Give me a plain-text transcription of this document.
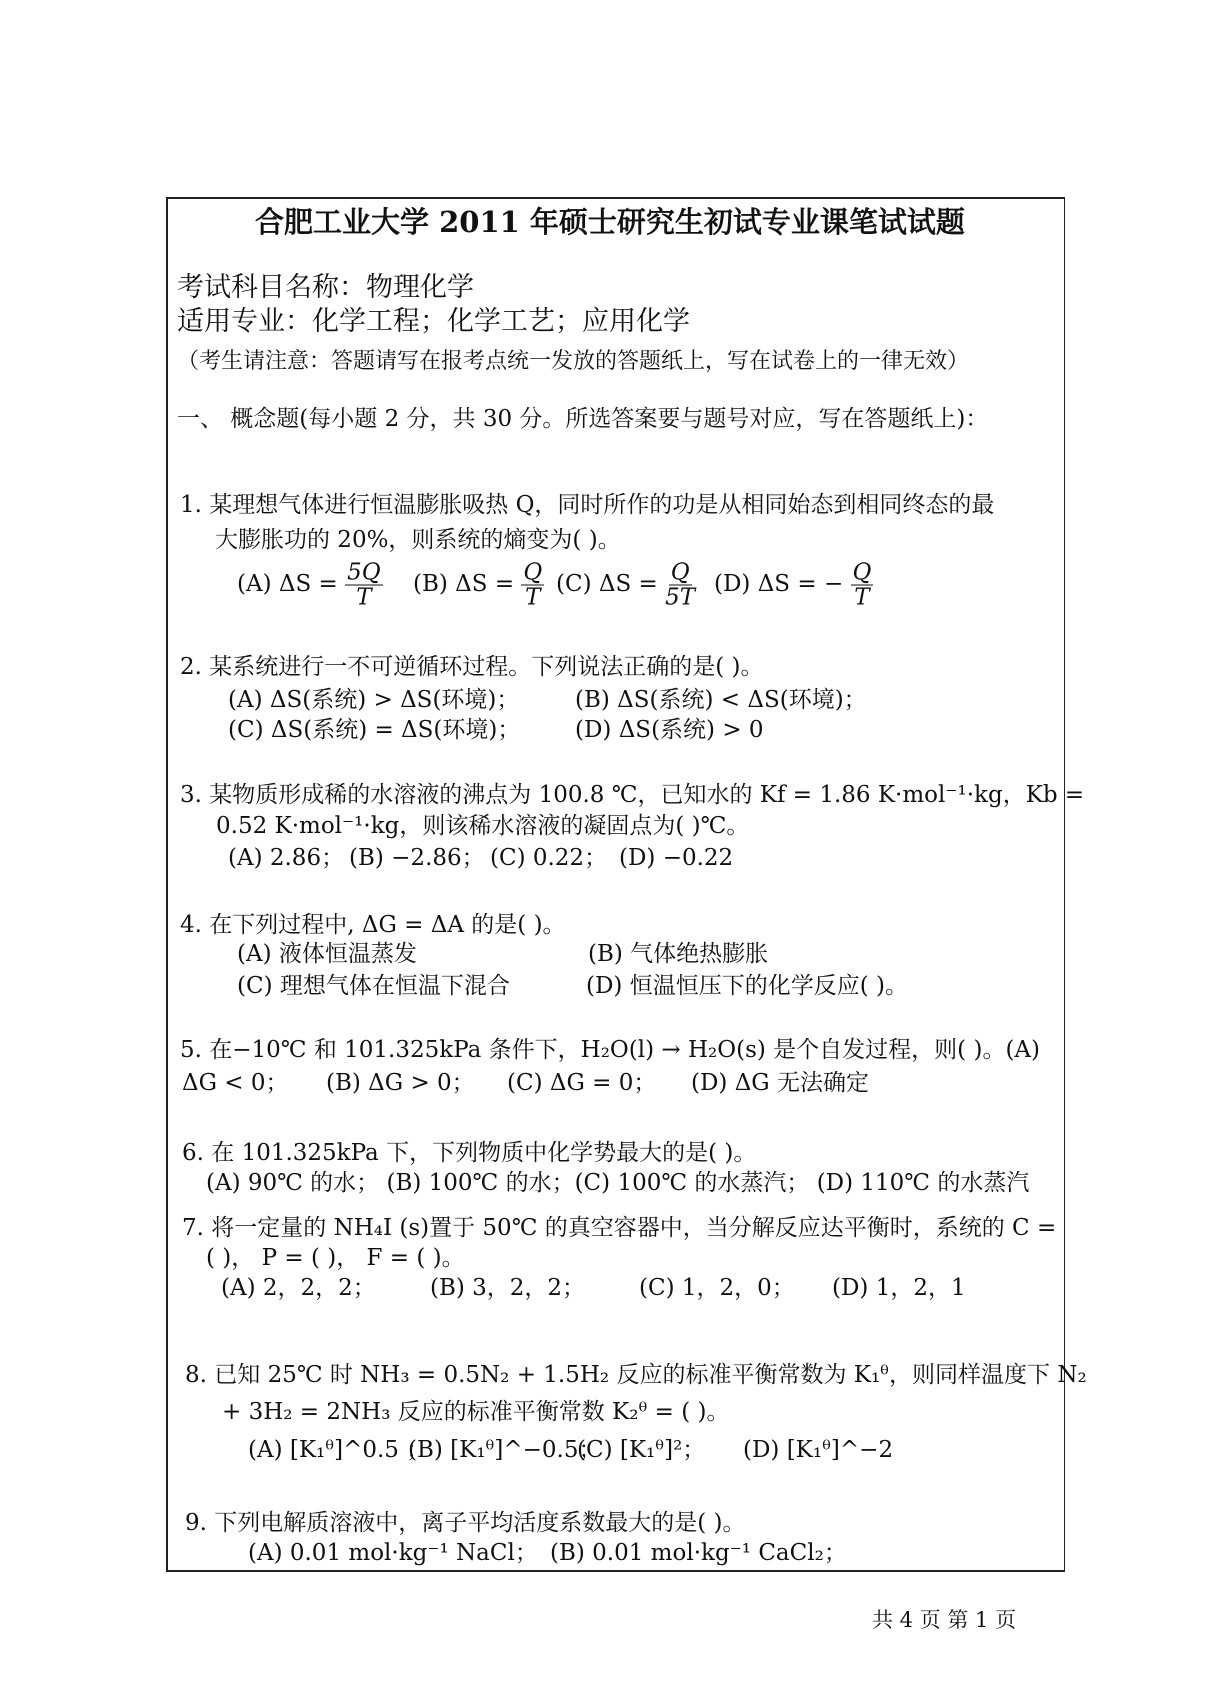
合肥工业大学 2011 年硕士研究生初试专业课笔试试题
考试科目名称：物理化学
适用专业：化学工程；化学工艺；应用化学
（考生请注意：答题请写在报考点统一发放的答题纸上，写在试卷上的一律无效）
一、 概念题(每小题 2 分，共 30 分。所选答案要与题号对应，写在答题纸上)：
1. 某理想气体进行恒温膨胀吸热 Q，同时所作的功是从相同始态到相同终态的最
大膨胀功的 20%，则系统的熵变为( )。
(A) $\Delta S = \frac{5Q}{T} (B) \Delta S = \frac{Q}{T} (C) \Delta S = \frac{Q}{5T} (D) \Delta S$ = − $\frac{Q}{T}$
2. 某系统进行一不可逆循环过程。下列说法正确的是( )。
(A) ΔS(系统) > ΔS(环境)； (B) ΔS(系统) < ΔS(环境)；
(C) ΔS(系统) = ΔS(环境)； (D) ΔS(系统) > 0
3. 某物质形成稀的水溶液的沸点为 100.8 ℃，已知水的 Kf = 1.86 K·mol⁻¹·kg，Kb =
0.52 K·mol⁻¹·kg，则该稀水溶液的凝固点为( )℃。
(A) 2.86； (B) −2.86； (C) 0.22； (D) −0.22
4. 在下列过程中, ΔG = ΔA 的是( )。
(A) 液体恒温蒸发	(B) 气体绝热膨胀
(C) 理想气体在恒温下混合	(D) 恒温恒压下的化学反应( )。
5. 在−10℃ 和 101.325kPa 条件下，H₂O(l) → H₂O(s) 是个自发过程，则( )。(A)
ΔG < 0； (B) ΔG > 0； (C) ΔG = 0； (D) ΔG 无法确定
6. 在 101.325kPa 下，下列物质中化学势最大的是( )。
(A) 90℃ 的水； (B) 100℃ 的水；(C) 100℃ 的水蒸汽； (D) 110℃ 的水蒸汽
7. 将一定量的 NH₄I (s)置于 50℃ 的真空容器中，当分解反应达平衡时，系统的 C =
( )， P = ( )， F = ( )。
(A) 2，2，2； (B) 3，2，2； (C) 1，2，0； (D) 1，2，1
8. 已知 25℃ 时 NH₃ = 0.5N₂ + 1.5H₂ 反应的标准平衡常数为 K₁ᶿ，则同样温度下 N₂
+ 3H₂ = 2NH₃ 反应的标准平衡常数 K₂ᶿ = ( )。
(A) [K₁ᶿ]^0.5 ；
(B) [K₁ᶿ]^−0.5；
(C) [K₁ᶿ]²； (D) [K₁ᶿ]^−2
9. 下列电解质溶液中，离子平均活度系数最大的是( )。
(A) 0.01 mol·kg⁻¹ NaCl； (B) 0.01 mol·kg⁻¹ CaCl₂；
共 4 页 第 1 页
